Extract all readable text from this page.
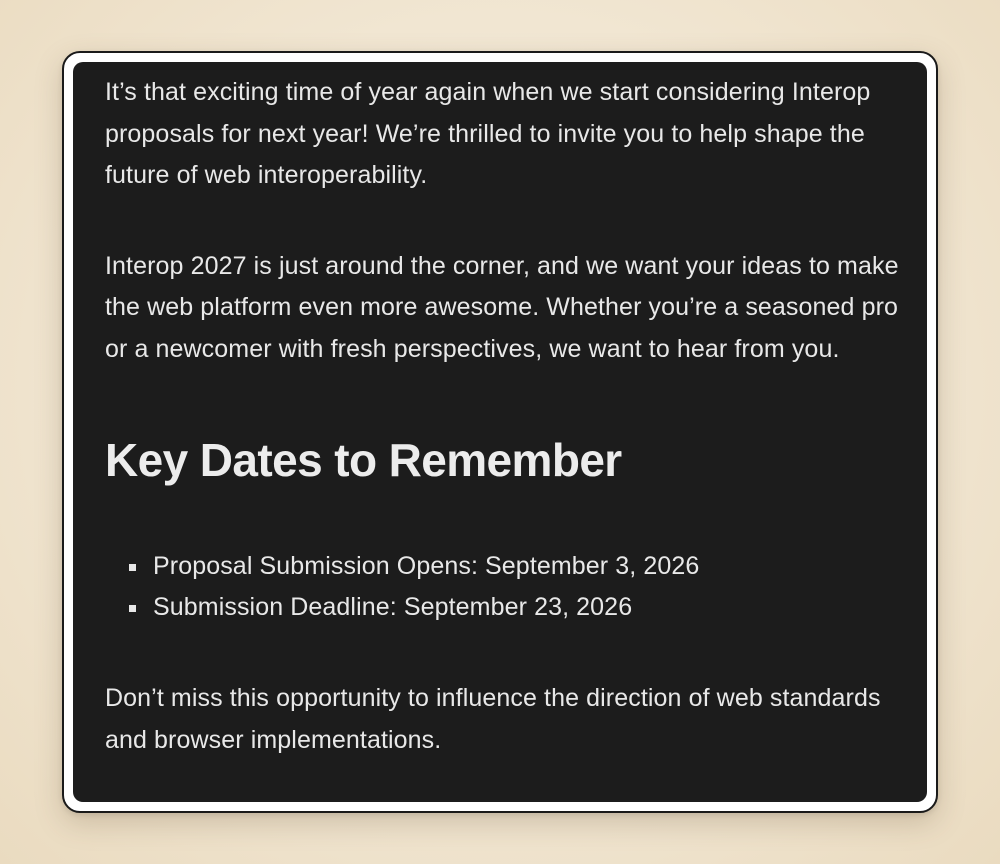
It’s that exciting time of year again when we start considering Interop proposals for next year! We’re thrilled to invite you to help shape the future of web interoperability.

Interop 2027 is just around the corner, and we want your ideas to make the web platform even more awesome. Whether you’re a seasoned pro or a newcomer with fresh perspectives, we want to hear from you.

Key Dates to Remember
Proposal Submission Opens: September 3, 2026
Submission Deadline: September 23, 2026

Don’t miss this opportunity to influence the direction of web standards and browser implementations.
